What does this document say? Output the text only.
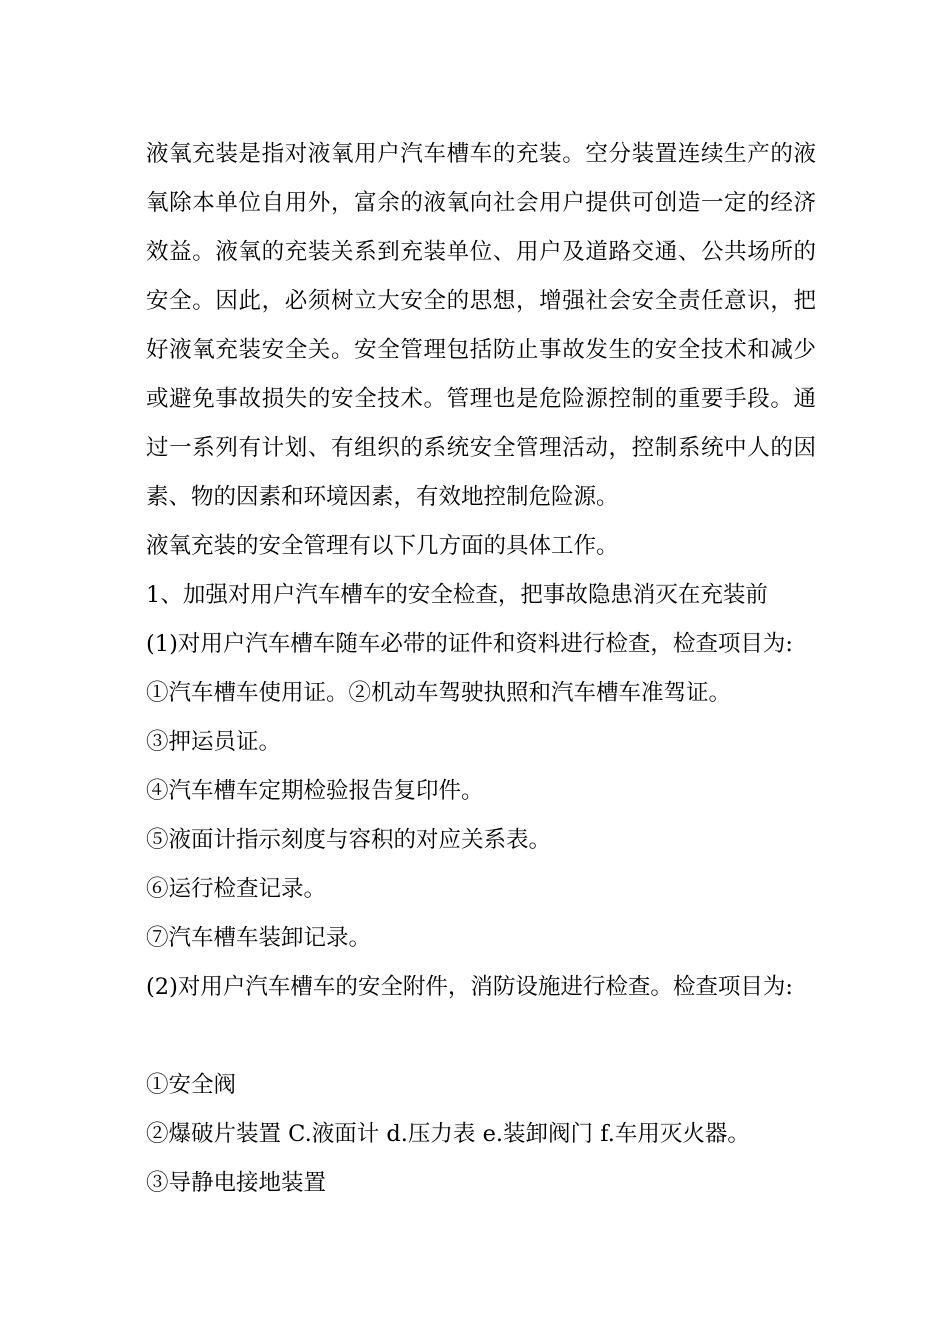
液氧充装是指对液氧用户汽车槽车的充装。空分装置连续生产的液氧除本单位自用外，富余的液氧向社会用户提供可创造一定的经济效益。液氧的充装关系到充装单位、用户及道路交通、公共场所的安全。因此，必须树立大安全的思想，增强社会安全责任意识，把好液氧充装安全关。安全管理包括防止事故发生的安全技术和减少或避免事故损失的安全技术。管理也是危险源控制的重要手段。通过一系列有计划、有组织的系统安全管理活动，控制系统中人的因素、物的因素和环境因素，有效地控制危险源。

液氧充装的安全管理有以下几方面的具体工作。

1、加强对用户汽车槽车的安全检查，把事故隐患消灭在充装前

(1)对用户汽车槽车随车必带的证件和资料进行检查，检查项目为:

①汽车槽车使用证。②机动车驾驶执照和汽车槽车准驾证。

③押运员证。

④汽车槽车定期检验报告复印件。

⑤液面计指示刻度与容积的对应关系表。

⑥运行检查记录。

⑦汽车槽车装卸记录。

(2)对用户汽车槽车的安全附件，消防设施进行检查。检查项目为:

①安全阀

②爆破片装置 C.液面计 d.压力表 e.装卸阀门 f.车用灭火器。

③导静电接地装置
